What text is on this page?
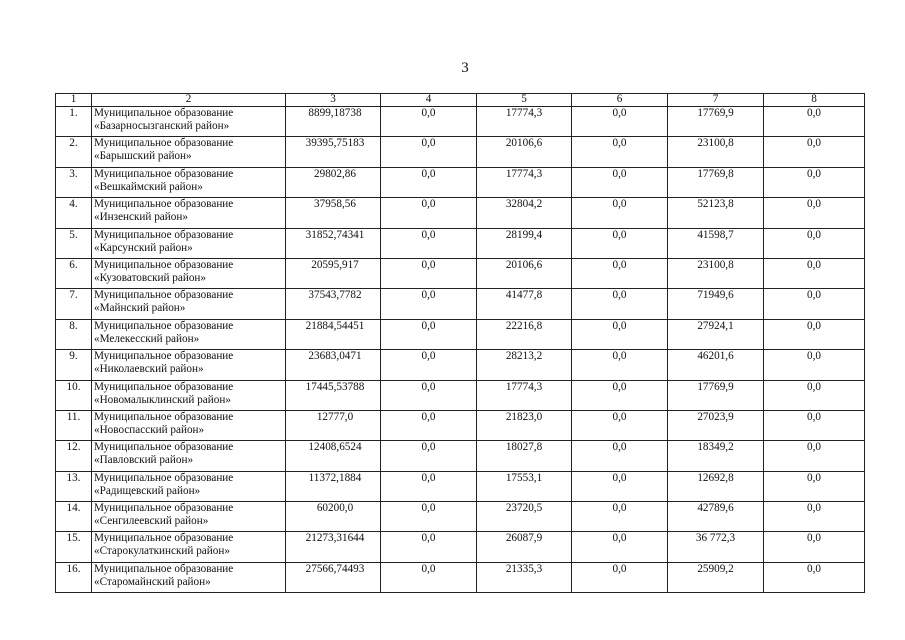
3
1	2	3	4	5	6	7	8
1.	Муниципальное образование
«Базарносызганский район»	8899,18738	0,0	17774,3	0,0	17769,9	0,0
2.	Муниципальное образование
«Барышский район»	39395,75183	0,0	20106,6	0,0	23100,8	0,0
3.	Муниципальное образование
«Вешкаймский район»	29802,86	0,0	17774,3	0,0	17769,8	0,0
4.	Муниципальное образование
«Инзенский район»	37958,56	0,0	32804,2	0,0	52123,8	0,0
5.	Муниципальное образование
«Карсунский район»	31852,74341	0,0	28199,4	0,0	41598,7	0,0
6.	Муниципальное образование
«Кузоватовский район»	20595,917	0,0	20106,6	0,0	23100,8	0,0
7.	Муниципальное образование
«Майнский район»	37543,7782	0,0	41477,8	0,0	71949,6	0,0
8.	Муниципальное образование
«Мелекесский район»	21884,54451	0,0	22216,8	0,0	27924,1	0,0
9.	Муниципальное образование
«Николаевский район»	23683,0471	0,0	28213,2	0,0	46201,6	0,0
10.	Муниципальное образование
«Новомалыклинский район»	17445,53788	0,0	17774,3	0,0	17769,9	0,0
11.	Муниципальное образование
«Новоспасский район»	12777,0	0,0	21823,0	0,0	27023,9	0,0
12.	Муниципальное образование
«Павловский район»	12408,6524	0,0	18027,8	0,0	18349,2	0,0
13.	Муниципальное образование
«Радищевский район»	11372,1884	0,0	17553,1	0,0	12692,8	0,0
14.	Муниципальное образование
«Сенгилеевский район»	60200,0	0,0	23720,5	0,0	42789,6	0,0
15.	Муниципальное образование
«Старокулаткинский район»	21273,31644	0,0	26087,9	0,0	36 772,3	0,0
16.	Муниципальное образование
«Старомайнский район»	27566,74493	0,0	21335,3	0,0	25909,2	0,0
